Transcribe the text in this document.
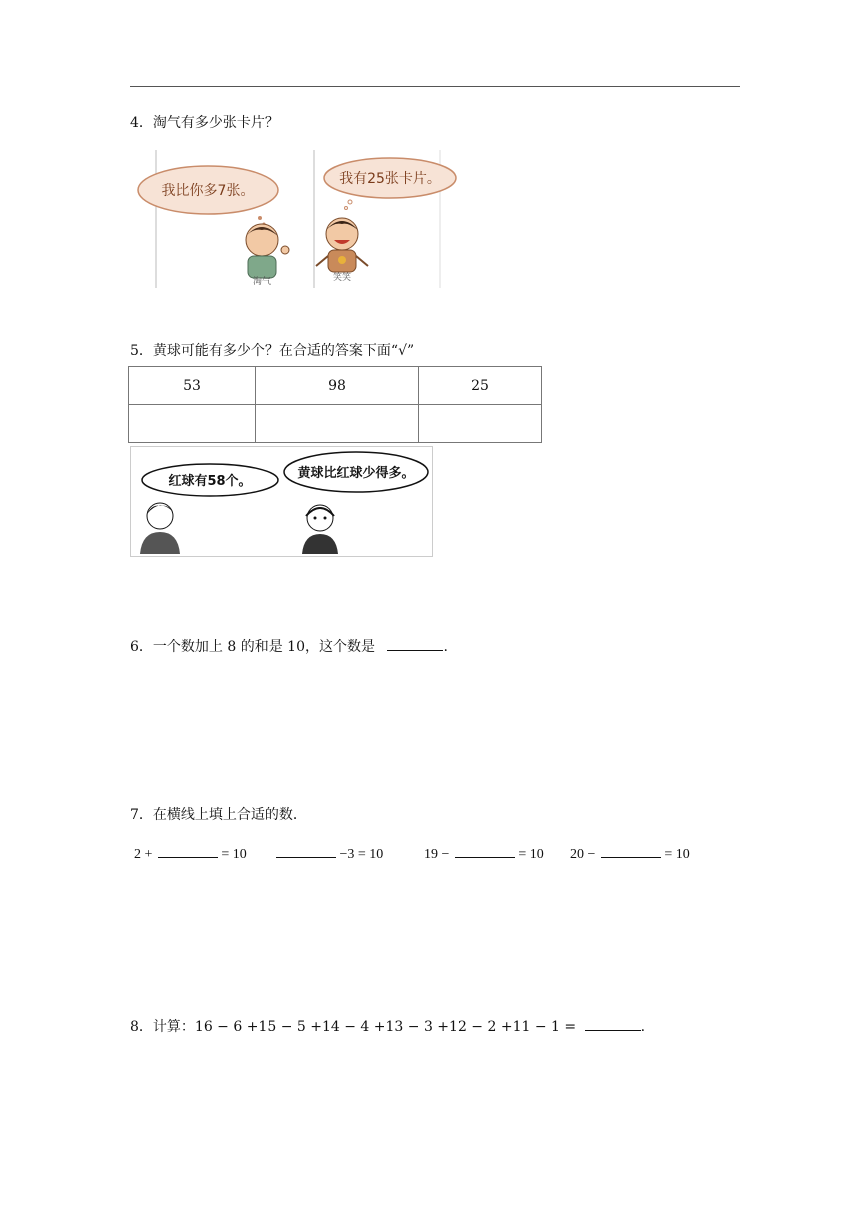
4．淘气有多少张卡片？
我比你多7张。
淘气
我有25张卡片。
笑笑
5．黄球可能有多少个？在合适的答案下面“√”
53	98	25

红球有58个。
黄球比红球少得多。
6．一个数加上 8 的和是 10，这个数是	.
7．在横线上填上合适的数．
2 +	= 10	−3 = 10	19 −	= 10 20 −	= 10
8．计算：16 − 6 +15 − 5 +14 − 4 +13 − 3 +12 − 2 +11 − 1 =	.
